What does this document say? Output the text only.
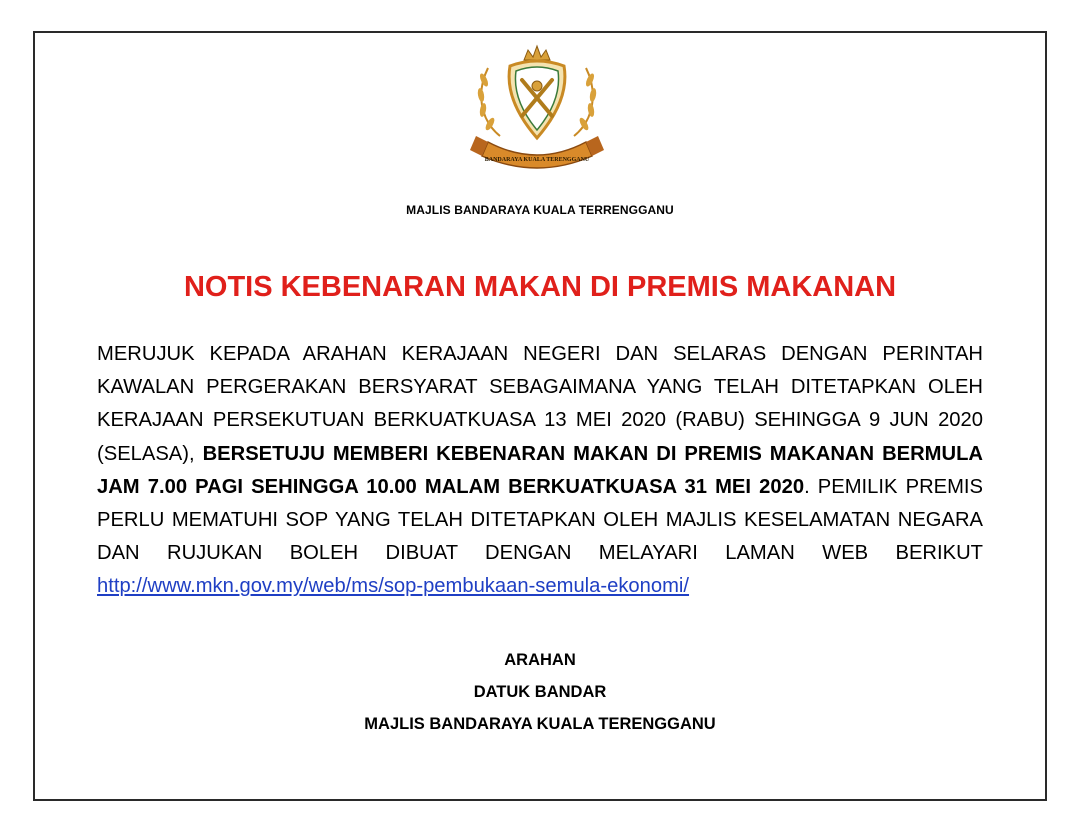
BANDARAYA KUALA TERENGGANU
MAJLIS BANDARAYA KUALA TERRENGGANU
NOTIS KEBENARAN MAKAN DI PREMIS MAKANAN
MERUJUK KEPADA ARAHAN KERAJAAN NEGERI DAN SELARAS DENGAN PERINTAH KAWALAN PERGERAKAN BERSYARAT SEBAGAIMANA YANG TELAH DITETAPKAN OLEH KERAJAAN PERSEKUTUAN BERKUATKUASA 13 MEI 2020 (RABU) SEHINGGA 9 JUN 2020 (SELASA), BERSETUJU MEMBERI KEBENARAN MAKAN DI PREMIS MAKANAN BERMULA JAM 7.00 PAGI SEHINGGA 10.00 MALAM BERKUATKUASA 31 MEI 2020. PEMILIK PREMIS PERLU MEMATUHI SOP YANG TELAH DITETAPKAN OLEH MAJLIS KESELAMATAN NEGARA DAN RUJUKAN BOLEH DIBUAT DENGAN MELAYARI LAMAN WEB BERIKUT http://www.mkn.gov.my/web/ms/sop-pembukaan-semula-ekonomi/
ARAHAN
DATUK BANDAR
MAJLIS BANDARAYA KUALA TERENGGANU
